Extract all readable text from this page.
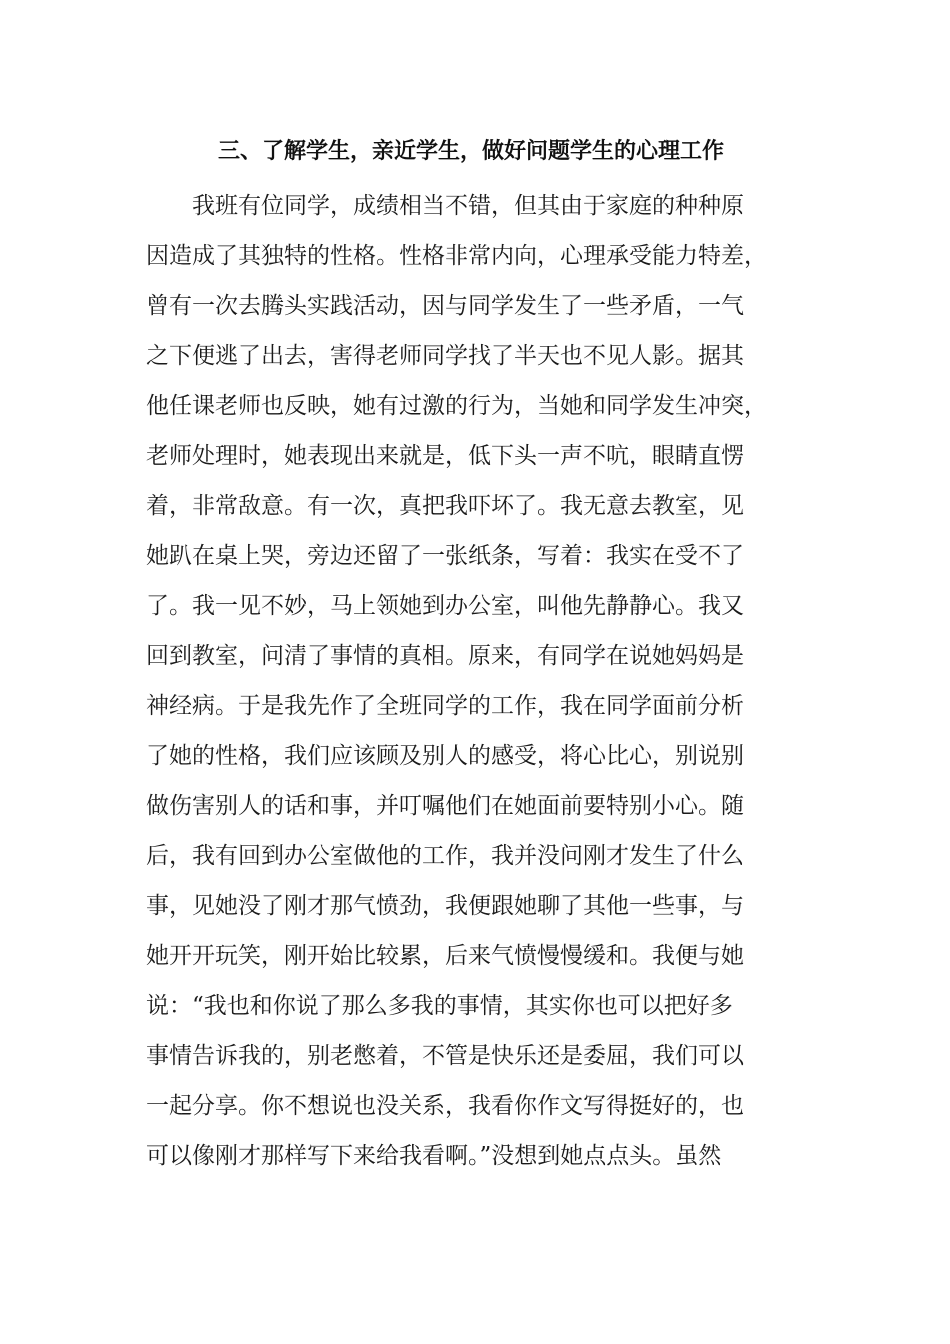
三、了解学生，亲近学生，做好问题学生的心理工作
　　我班有位同学，成绩相当不错，但其由于家庭的种种原
因造成了其独特的性格。性格非常内向，心理承受能力特差，
曾有一次去腾头实践活动，因与同学发生了一些矛盾，一气
之下便逃了出去，害得老师同学找了半天也不见人影。据其
他任课老师也反映，她有过激的行为，当她和同学发生冲突，
老师处理时，她表现出来就是，低下头一声不吭，眼睛直愣
着，非常敌意。有一次，真把我吓坏了。我无意去教室，见
她趴在桌上哭，旁边还留了一张纸条，写着：我实在受不了
了。我一见不妙，马上领她到办公室，叫他先静静心。我又
回到教室，问清了事情的真相。原来，有同学在说她妈妈是
神经病。于是我先作了全班同学的工作，我在同学面前分析
了她的性格，我们应该顾及别人的感受，将心比心，别说别
做伤害别人的话和事，并叮嘱他们在她面前要特别小心。随
后，我有回到办公室做他的工作，我并没问刚才发生了什么
事，见她没了刚才那气愤劲，我便跟她聊了其他一些事，与
她开开玩笑，刚开始比较累，后来气愤慢慢缓和。我便与她
说：“我也和你说了那么多我的事情，其实你也可以把好多
事情告诉我的，别老憋着，不管是快乐还是委屈，我们可以
一起分享。你不想说也没关系，我看你作文写得挺好的，也
可以像刚才那样写下来给我看啊。”没想到她点点头。虽然
